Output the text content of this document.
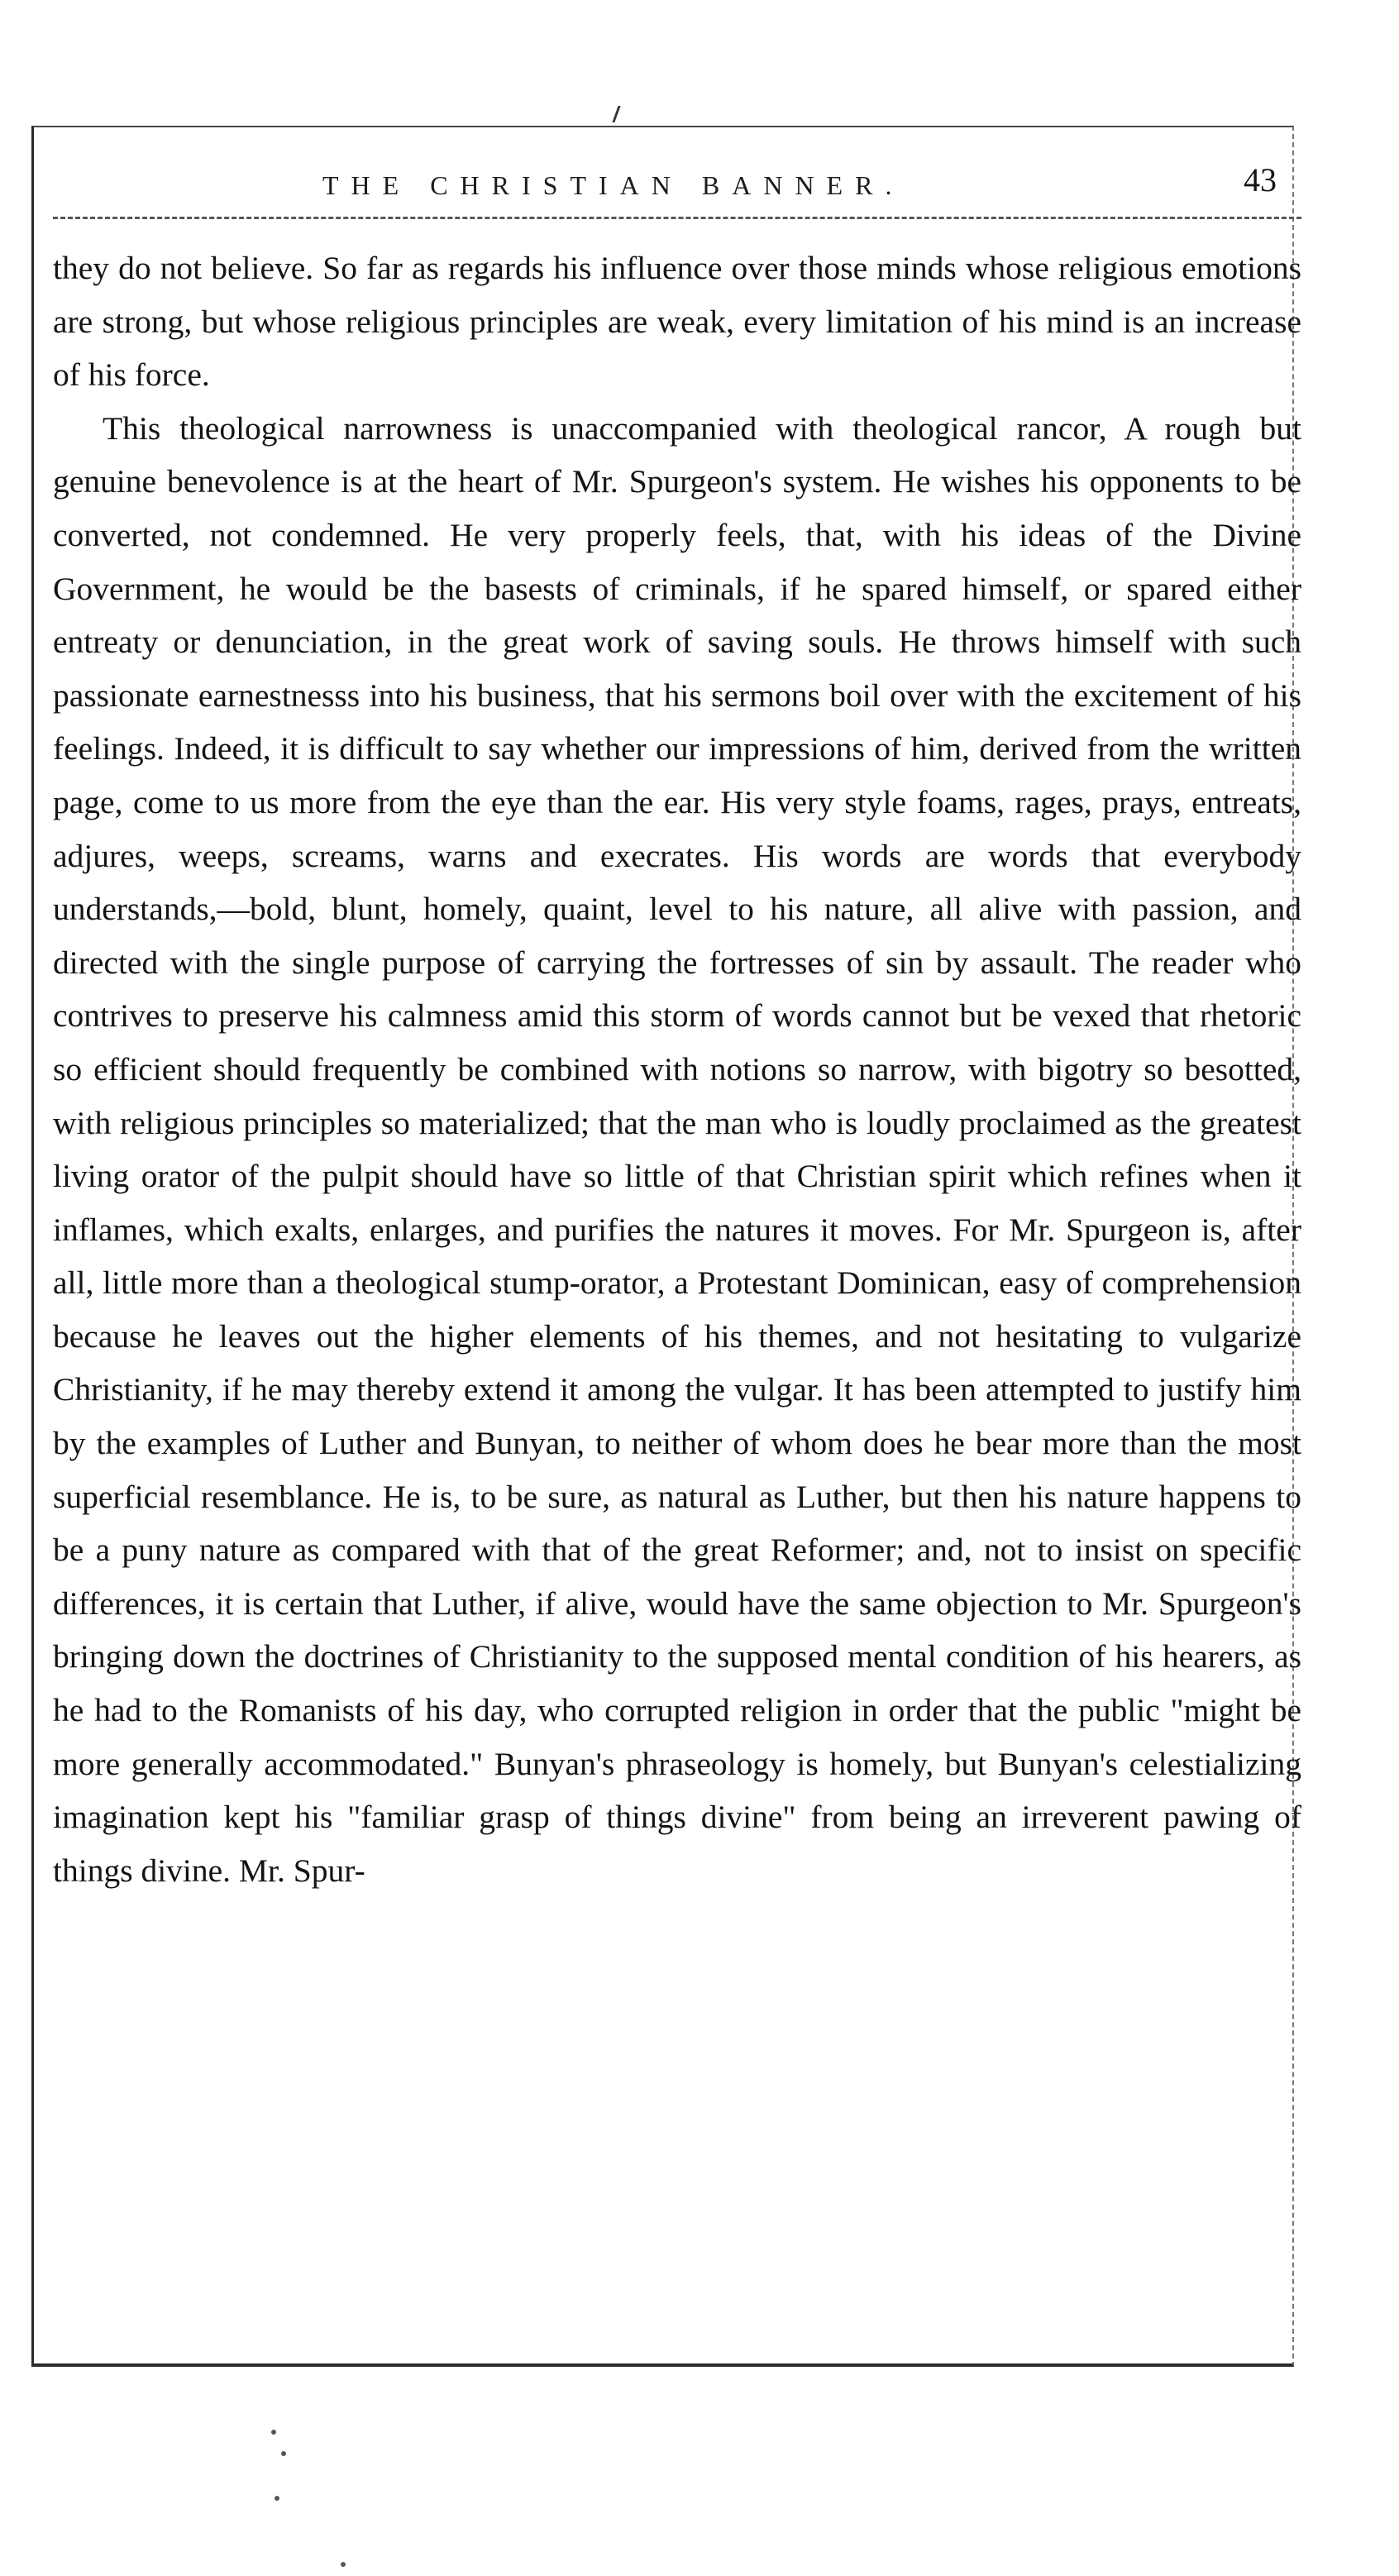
THE CHRISTIAN BANNER.	43

they do not believe. So far as regards his influence over those minds whose religious emotions are strong, but whose religious principles are weak, every limitation of his mind is an increase of his force.

This theological narrowness is unaccompanied with theological rancor, A rough but genuine benevolence is at the heart of Mr. Spurgeon's system. He wishes his opponents to be converted, not condemned. He very properly feels, that, with his ideas of the Divine Government, he would be the basests of criminals, if he spared himself, or spared either entreaty or denunciation, in the great work of saving souls. He throws himself with such passionate earnestnesss into his business, that his sermons boil over with the excitement of his feelings. Indeed, it is difficult to say whether our impressions of him, derived from the written page, come to us more from the eye than the ear. His very style foams, rages, prays, entreats, adjures, weeps, screams, warns and execrates. His words are words that everybody understands,—bold, blunt, homely, quaint, level to his nature, all alive with passion, and directed with the single purpose of carrying the fortresses of sin by assault. The reader who contrives to preserve his calmness amid this storm of words cannot but be vexed that rhetoric so efficient should frequently be combined with notions so narrow, with bigotry so besotted, with religious principles so materialized; that the man who is loudly proclaimed as the greatest living orator of the pulpit should have so little of that Christian spirit which refines when it inflames, which exalts, enlarges, and purifies the natures it moves. For Mr. Spurgeon is, after all, little more than a theological stump-orator, a Protestant Dominican, easy of comprehension because he leaves out the higher elements of his themes, and not hesitating to vulgarize Christianity, if he may thereby extend it among the vulgar. It has been attempted to justify him by the examples of Luther and Bunyan, to neither of whom does he bear more than the most superficial resemblance. He is, to be sure, as natural as Luther, but then his nature happens to be a puny nature as compared with that of the great Reformer; and, not to insist on specific differences, it is certain that Luther, if alive, would have the same objection to Mr. Spurgeon's bringing down the doctrines of Christianity to the supposed mental condition of his hearers, as he had to the Romanists of his day, who corrupted religion in order that the public "might be more generally accommodated." Bunyan's phraseology is homely, but Bunyan's celestializing imagination kept his "familiar grasp of things divine" from being an irreverent pawing of things divine. Mr. Spur-
